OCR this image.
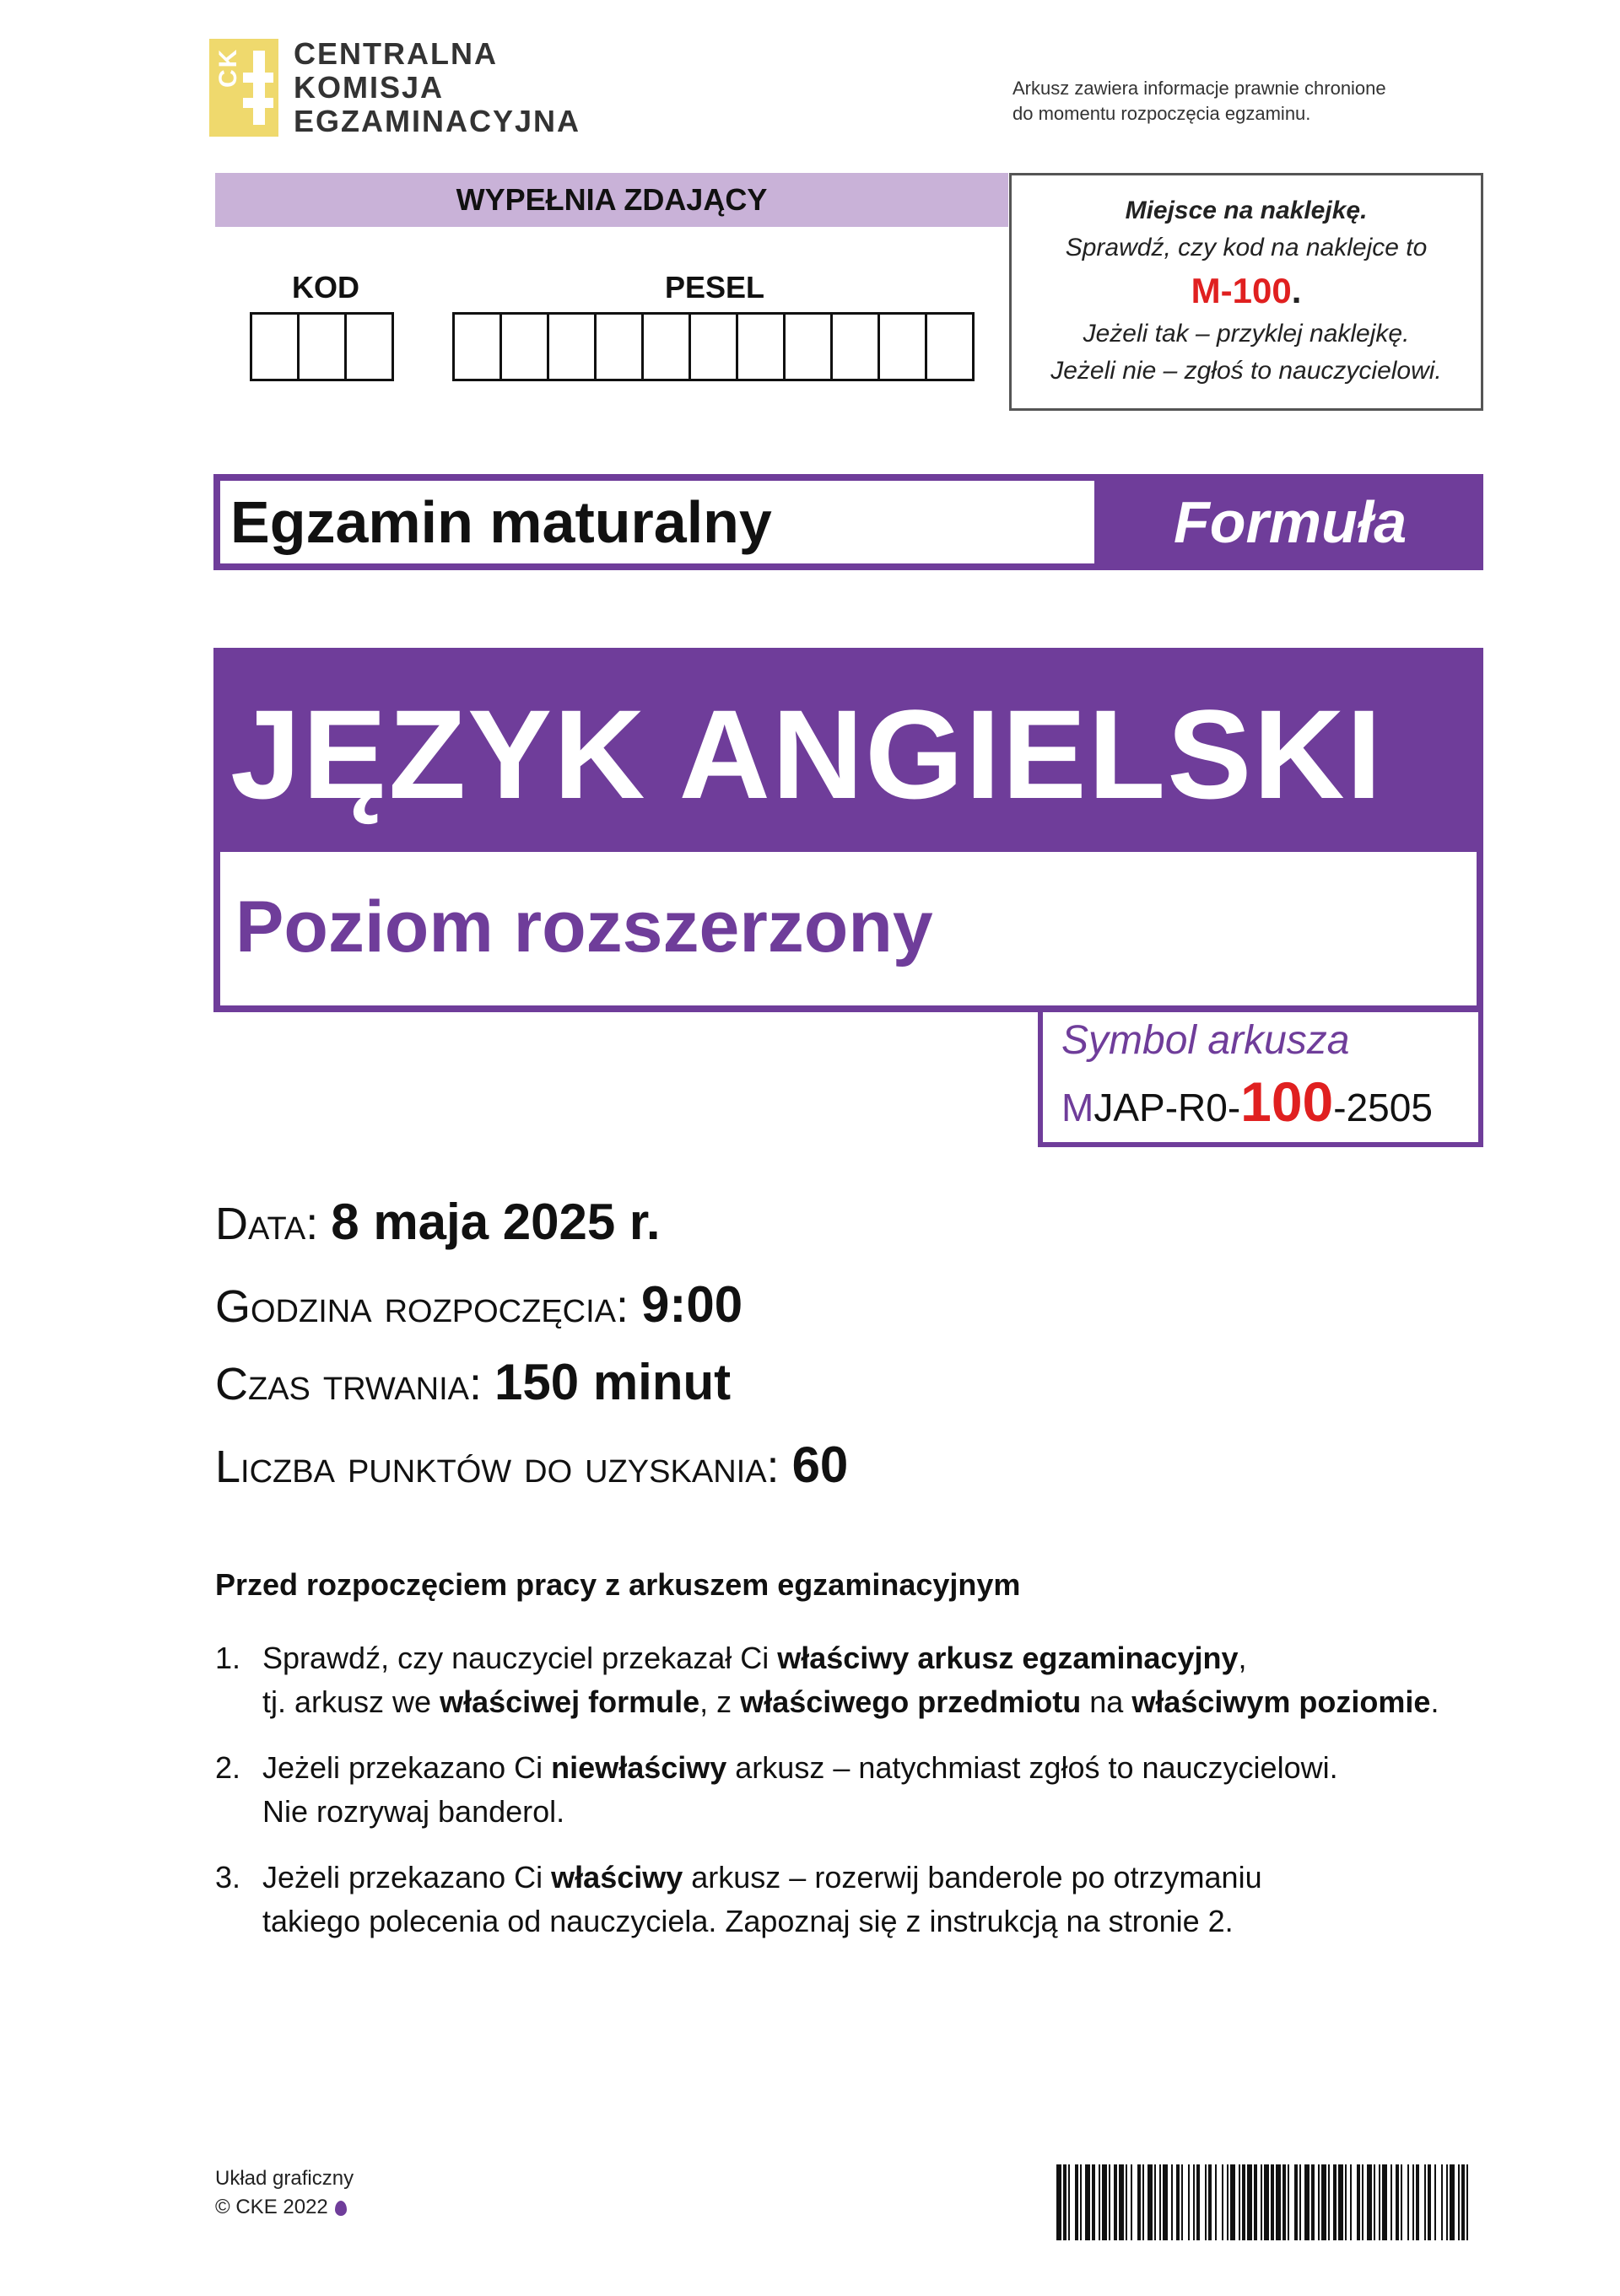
CK CENTRALNA
KOMISJA
EGZAMINACYJNA
Arkusz zawiera informacje prawnie chronione
do momentu rozpoczęcia egzaminu.
WYPEŁNIA ZDAJĄCY
KOD	PESEL
Miejsce na naklejkę.
Sprawdź, czy kod na naklejce to
M-100.
Jeżeli tak – przyklej naklejkę.
Jeżeli nie – zgłoś to nauczycielowi.
Egzamin maturalny	Formuła 2023
JĘZYK ANGIELSKI
Poziom rozszerzony
Symbol arkusza
MJAP-R0-100-2505
Data: 8 maja 2025 r.
Godzina rozpoczęcia: 9:00
Czas trwania: 150 minut
Liczba punktów do uzyskania: 60
Przed rozpoczęciem pracy z arkuszem egzaminacyjnym
1. Sprawdź, czy nauczyciel przekazał Ci właściwy arkusz egzaminacyjny,
tj. arkusz we właściwej formule, z właściwego przedmiotu na właściwym poziomie.
2. Jeżeli przekazano Ci niewłaściwy arkusz – natychmiast zgłoś to nauczycielowi.
Nie rozrywaj banderol.
3. Jeżeli przekazano Ci właściwy arkusz – rozerwij banderole po otrzymaniu
takiego polecenia od nauczyciela. Zapoznaj się z instrukcją na stronie 2.
Układ graficzny
© CKE 2022
